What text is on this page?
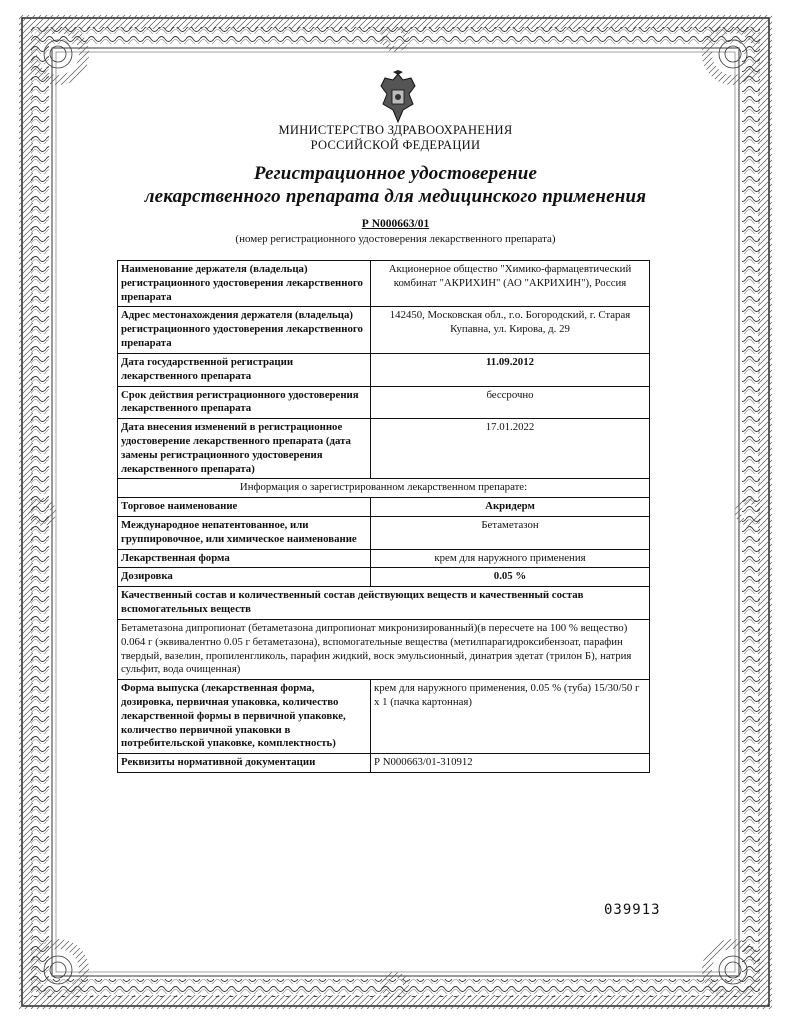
МИНИСТЕРСТВО ЗДРАВООХРАНЕНИЯ
РОССИЙСКОЙ ФЕДЕРАЦИИ
Регистрационное удостоверение
лекарственного препарата для медицинского применения
Р N000663/01
(номер регистрационного удостоверения лекарственного препарата)
Наименование держателя (владельца) регистрационного удостоверения лекарственного препарата	Акционерное общество "Химико-фармацевтический комбинат "АКРИХИН" (АО "АКРИХИН"), Россия
Адрес местонахождения держателя (владельца) регистрационного удостоверения лекарственного препарата	142450, Московская обл., г.о. Богородский, г. Старая Купавна, ул. Кирова, д. 29
Дата государственной регистрации лекарственного препарата	11.09.2012
Срок действия регистрационного удостоверения лекарственного препарата	бессрочно
Дата внесения изменений в регистрационное удостоверение лекарственного препарата (дата замены регистрационного удостоверения лекарственного препарата)	17.01.2022
Информация о зарегистрированном лекарственном препарате:	
Торговое наименование	Акридерм
Международное непатентованное, или группировочное, или химическое наименование	Бетаметазон
Лекарственная форма	крем для наружного применения
Дозировка	0.05 %
Качественный состав и количественный состав действующих веществ и качественный состав вспомогательных веществ	
Бетаметазона дипропионат (бетаметазона дипропионат микронизированный)(в пересчете на 100 % вещество) 0.064 г (эквивалентно 0.05 г бетаметазона), вспомогательные вещества (метилпарагидроксибензоат, парафин твердый, вазелин, пропиленгликоль, парафин жидкий, воск эмульсионный, динатрия эдетат (трилон Б), натрия сульфит, вода очищенная)	
Форма выпуска (лекарственная форма, дозировка, первичная упаковка, количество лекарственной формы в первичной упаковке, количество первичной упаковки в потребительской упаковке, комплектность)	крем для наружного применения, 0.05 % (туба) 15/30/50 г x 1 (пачка картонная)
Реквизиты нормативной документации	Р N000663/01-310912
039913
